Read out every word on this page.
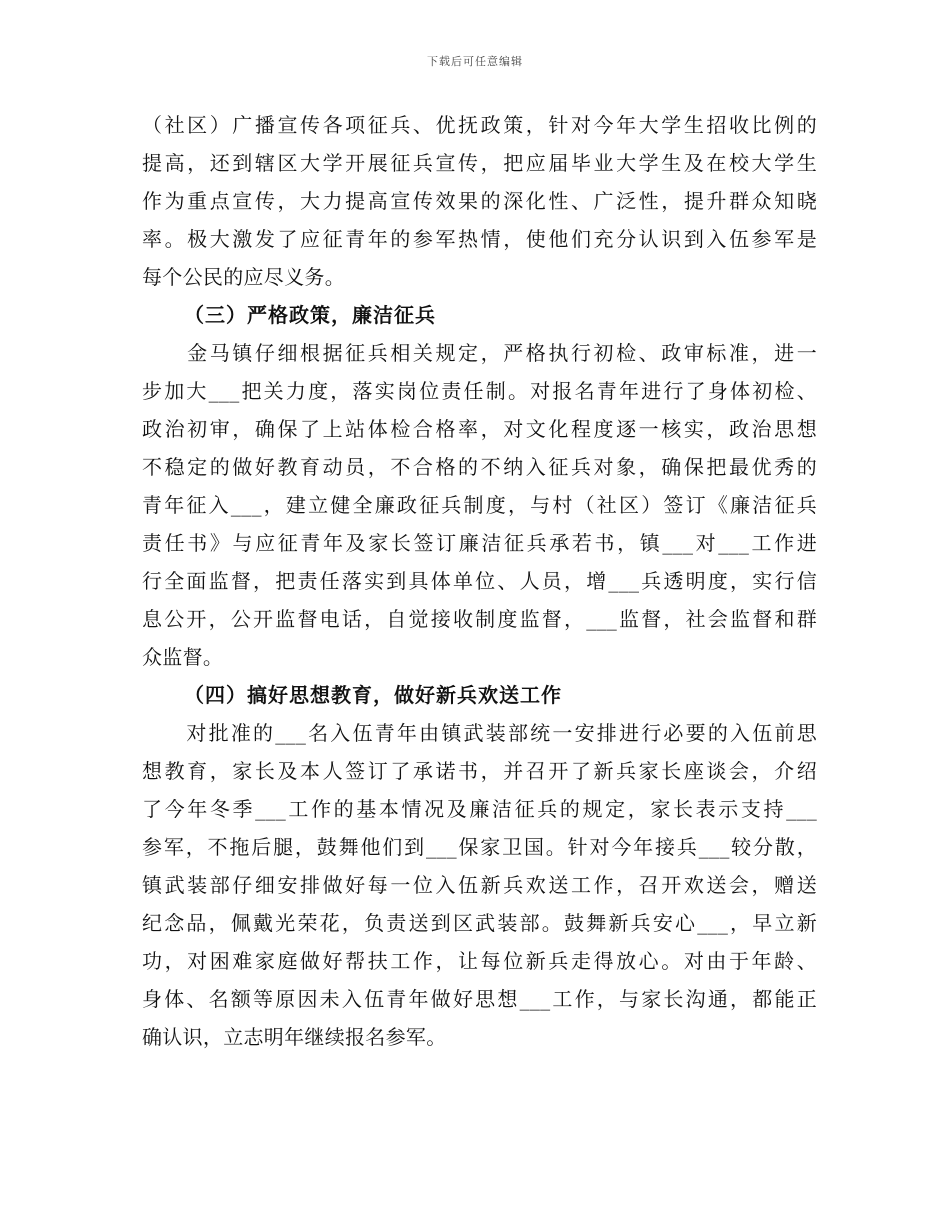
下载后可任意编辑
（社区）广播宣传各项征兵、优抚政策，针对今年大学生招收比例的
提高，还到辖区大学开展征兵宣传，把应届毕业大学生及在校大学生
作为重点宣传，大力提高宣传效果的深化性、广泛性，提升群众知晓
率。极大激发了应征青年的参军热情，使他们充分认识到入伍参军是
每个公民的应尽义务。
（三）严格政策，廉洁征兵
　　金马镇仔细根据征兵相关规定，严格执行初检、政审标准，进一
步加大___把关力度，落实岗位责任制。对报名青年进行了身体初检、
政治初审，确保了上站体检合格率，对文化程度逐一核实，政治思想
不稳定的做好教育动员，不合格的不纳入征兵对象，确保把最优秀的
青年征入___，建立健全廉政征兵制度，与村（社区）签订《廉洁征兵
责任书》与应征青年及家长签订廉洁征兵承若书，镇___对___工作进
行全面监督，把责任落实到具体单位、人员，增___兵透明度，实行信
息公开，公开监督电话，自觉接收制度监督，___监督，社会监督和群
众监督。
（四）搞好思想教育，做好新兵欢送工作
　　对批准的___名入伍青年由镇武装部统一安排进行必要的入伍前思
想教育，家长及本人签订了承诺书，并召开了新兵家长座谈会，介绍
了今年冬季___工作的基本情况及廉洁征兵的规定，家长表示支持___
参军，不拖后腿，鼓舞他们到___保家卫国。针对今年接兵___较分散，
镇武装部仔细安排做好每一位入伍新兵欢送工作，召开欢送会，赠送
纪念品，佩戴光荣花，负责送到区武装部。鼓舞新兵安心___，早立新
功，对困难家庭做好帮扶工作，让每位新兵走得放心。对由于年龄、
身体、名额等原因未入伍青年做好思想___工作，与家长沟通，都能正
确认识，立志明年继续报名参军。
